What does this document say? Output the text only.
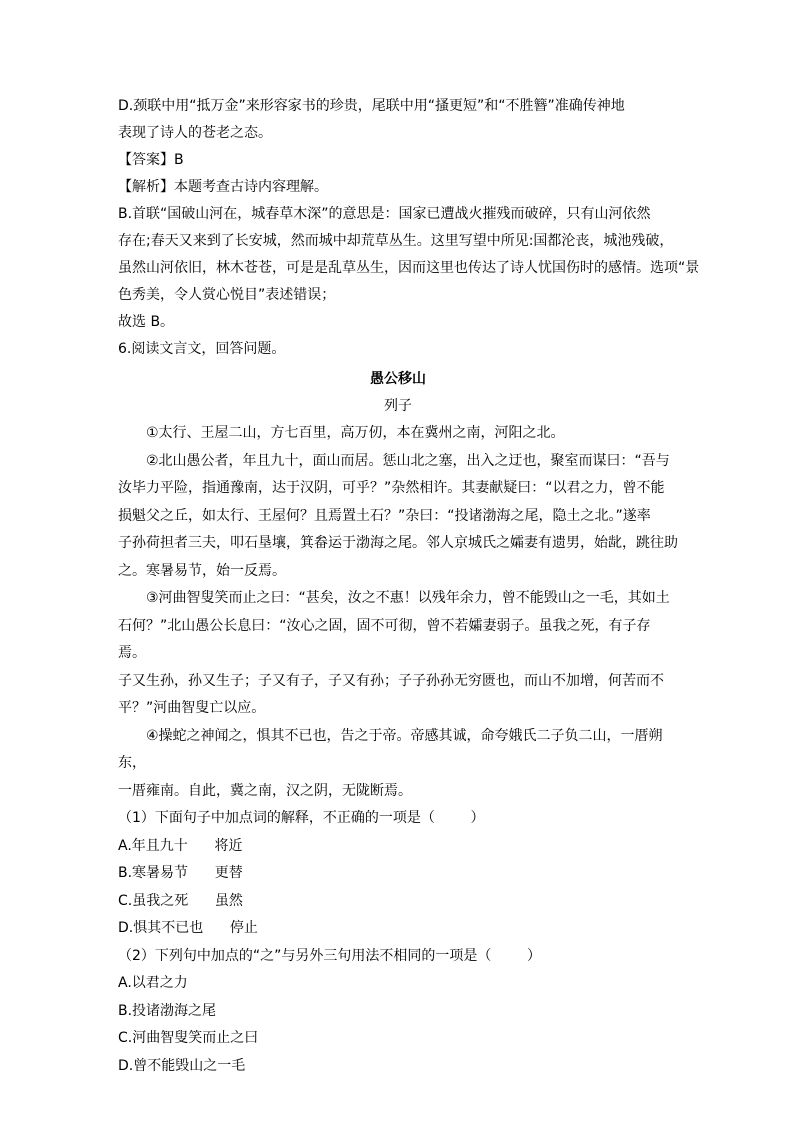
D.颈联中用“抵万金”来形容家书的珍贵，尾联中用“搔更短”和“不胜簪”准确传神地

表现了诗人的苍老之态。

【答案】B

【解析】本题考查古诗内容理解。

B.首联“国破山河在，城春草木深”的意思是：国家已遭战火摧残而破碎，只有山河依然

存在;春天又来到了长安城，然而城中却荒草丛生。这里写望中所见:国都沦丧，城池残破，

虽然山河依旧，林木苍苍，可是是乱草丛生，因而这里也传达了诗人忧国伤时的感情。选项“景

色秀美，令人赏心悦目”表述错误；

故选 B。

6.阅读文言文，回答问题。

愚公移山

列子

①太行、王屋二山，方七百里，高万仞，本在冀州之南，河阳之北。

②北山愚公者，年且九十，面山而居。惩山北之塞，出入之迂也，聚室而谋曰：“吾与

汝毕力平险，指通豫南，达于汉阴，可乎？”杂然相许。其妻献疑曰：“以君之力，曾不能

损魁父之丘，如太行、王屋何？且焉置土石？”杂曰：“投诸渤海之尾，隐土之北。”遂率

子孙荷担者三夫，叩石垦壤，箕畚运于渤海之尾。邻人京城氏之孀妻有遗男，始龀，跳往助

之。寒暑易节，始一反焉。

③河曲智叟笑而止之曰：“甚矣，汝之不惠！以残年余力，曾不能毁山之一毛，其如土

石何？”北山愚公长息曰：“汝心之固，固不可彻，曾不若孀妻弱子。虽我之死，有子存焉。

子又生孙，孙又生子；子又有子，子又有孙；子子孙孙无穷匮也，而山不加增，何苦而不

平？”河曲智叟亡以应。

④操蛇之神闻之，惧其不已也，告之于帝。帝感其诚，命夸娥氏二子负二山，一厝朔东，

一厝雍南。自此，冀之南，汉之阴，无陇断焉。

（1）下面句子中加点词的解释，不正确的一项是（        ）

A.年且九十      将近

B.寒暑易节      更替

C.虽我之死      虽然

D.惧其不已也      停止

（2）下列句中加点的“之”与另外三句用法不相同的一项是（        ）

A.以君之力

B.投诸渤海之尾

C.河曲智叟笑而止之曰

D.曾不能毁山之一毛
